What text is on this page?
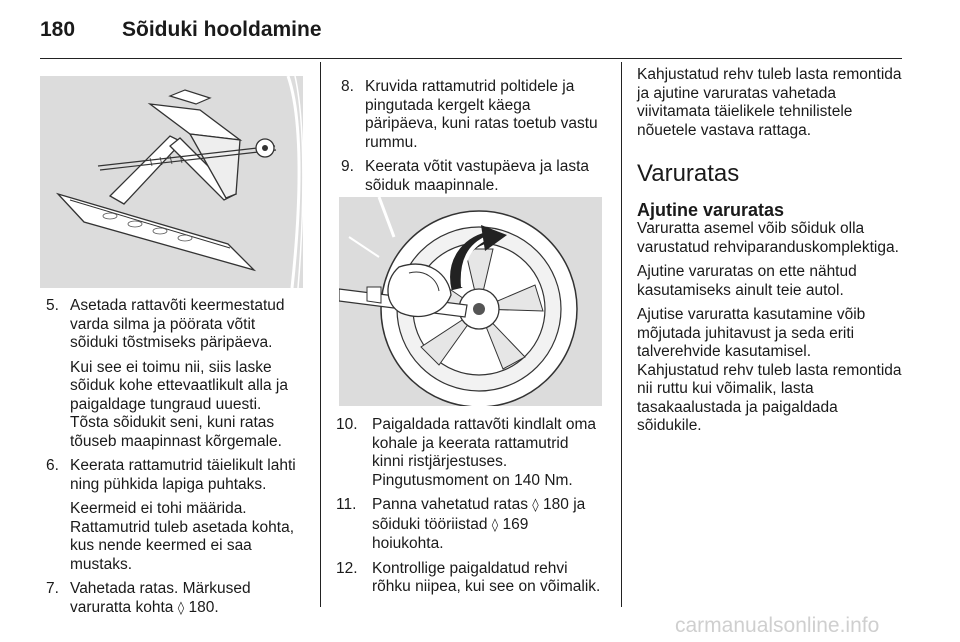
180 Sõiduki hooldamine
5. Asetada rattavõti keermestatud varda silma ja pöörata võtit sõiduki tõstmiseks päripäeva.
Kui see ei toimu nii, siis laske sõiduk kohe ettevaatlikult alla ja paigaldage tungraud uuesti. Tõsta sõidukit seni, kuni ratas tõuseb maapinnast kõrgemale.
6. Keerata rattamutrid täielikult lahti ning pühkida lapiga puhtaks.
Keermeid ei tohi määrida. Rattamutrid tuleb asetada kohta, kus nende keermed ei saa mustaks.
7. Vahetada ratas. Märkused varuratta kohta ◊ 180.
8. Kruvida rattamutrid poltidele ja pingutada kergelt käega päripäeva, kuni ratas toetub vastu rummu.
9. Keerata võtit vastupäeva ja lasta sõiduk maapinnale.
10. Paigaldada rattavõti kindlalt oma kohale ja keerata rattamutrid kinni ristjärjestuses. Pingutusmoment on 140 Nm.
11. Panna vahetatud ratas ◊ 180 ja sõiduki tööriistad ◊ 169
hoiukohta.
12. Kontrollige paigaldatud rehvi rõhku niipea, kui see on võimalik.

Kahjustatud rehv tuleb lasta remontida ja ajutine varuratas vahetada viivitamata täielikele tehnilistele nõuetele vastava rattaga.

Varuratas
Ajutine varuratas

Varuratta asemel võib sõiduk olla varustatud rehviparanduskomplektiga.

Ajutine varuratas on ette nähtud kasutamiseks ainult teie autol.

Ajutise varuratta kasutamine võib mõjutada juhitavust ja seda eriti talverehvide kasutamisel.

Kahjustatud rehv tuleb lasta remontida nii ruttu kui võimalik, lasta tasakaalustada ja paigaldada sõidukile.

carmanualsonline.info
